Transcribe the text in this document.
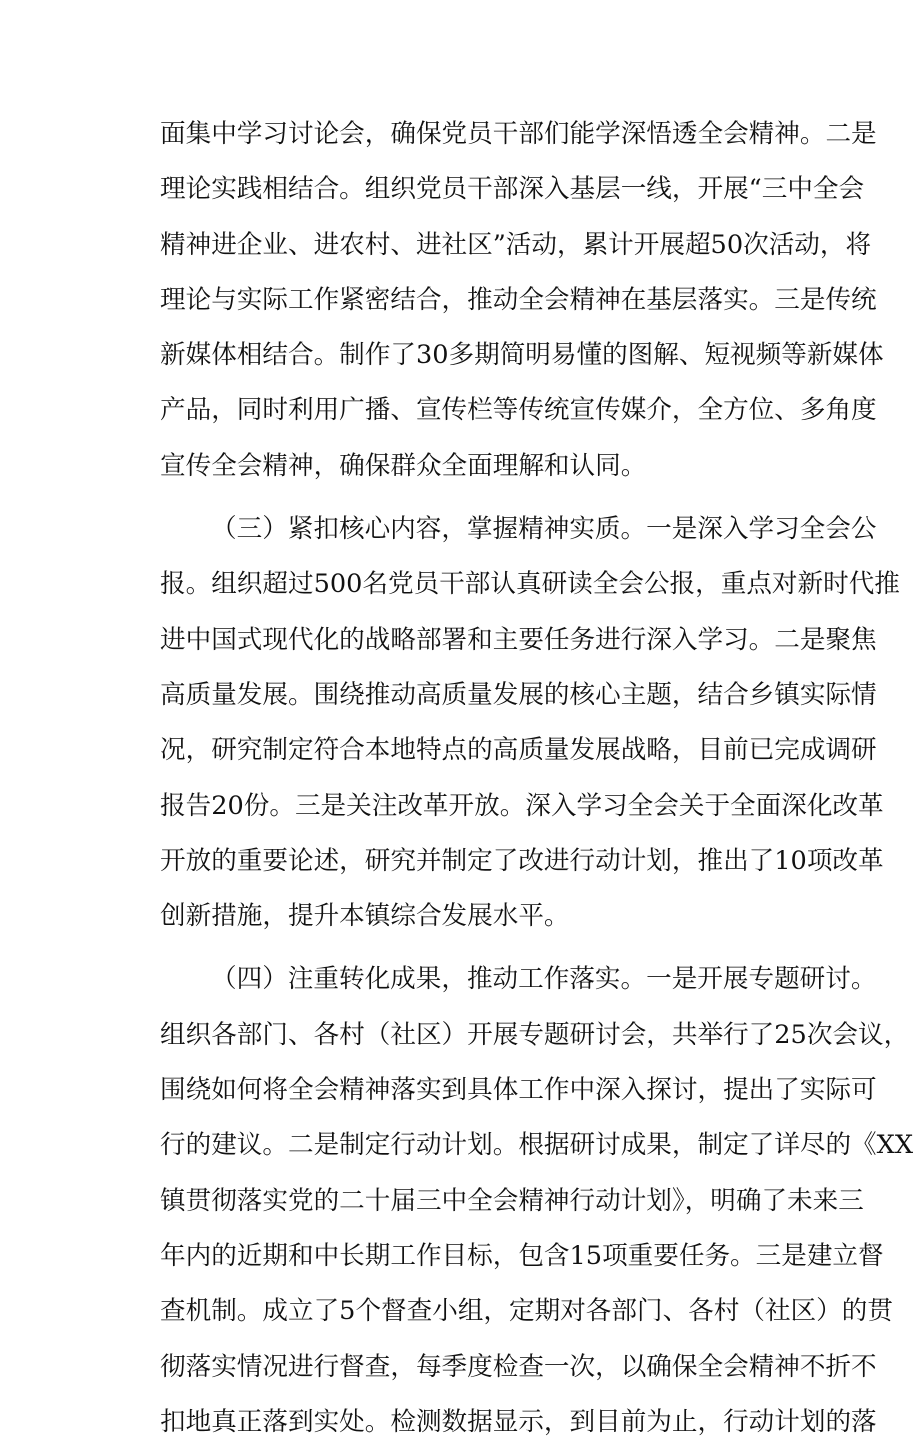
面集中学习讨论会，确保党员干部们能学深悟透全会精神。二是
理论实践相结合。组织党员干部深入基层一线，开展“三中全会
精神进企业、进农村、进社区”活动，累计开展超50次活动，将
理论与实际工作紧密结合，推动全会精神在基层落实。三是传统
新媒体相结合。制作了30多期简明易懂的图解、短视频等新媒体
产品，同时利用广播、宣传栏等传统宣传媒介，全方位、多角度
宣传全会精神，确保群众全面理解和认同。
（三）紧扣核心内容，掌握精神实质。一是深入学习全会公
报。组织超过500名党员干部认真研读全会公报，重点对新时代推
进中国式现代化的战略部署和主要任务进行深入学习。二是聚焦
高质量发展。围绕推动高质量发展的核心主题，结合乡镇实际情
况，研究制定符合本地特点的高质量发展战略，目前已完成调研
报告20份。三是关注改革开放。深入学习全会关于全面深化改革
开放的重要论述，研究并制定了改进行动计划，推出了10项改革
创新措施，提升本镇综合发展水平。
（四）注重转化成果，推动工作落实。一是开展专题研讨。
组织各部门、各村（社区）开展专题研讨会，共举行了25次会议，
围绕如何将全会精神落实到具体工作中深入探讨，提出了实际可
行的建议。二是制定行动计划。根据研讨成果，制定了详尽的《XX
镇贯彻落实党的二十届三中全会精神行动计划》，明确了未来三
年内的近期和中长期工作目标，包含15项重要任务。三是建立督
查机制。成立了5个督查小组，定期对各部门、各村（社区）的贯
彻落实情况进行督查，每季度检查一次，以确保全会精神不折不
扣地真正落到实处。检测数据显示，到目前为止，行动计划的落
